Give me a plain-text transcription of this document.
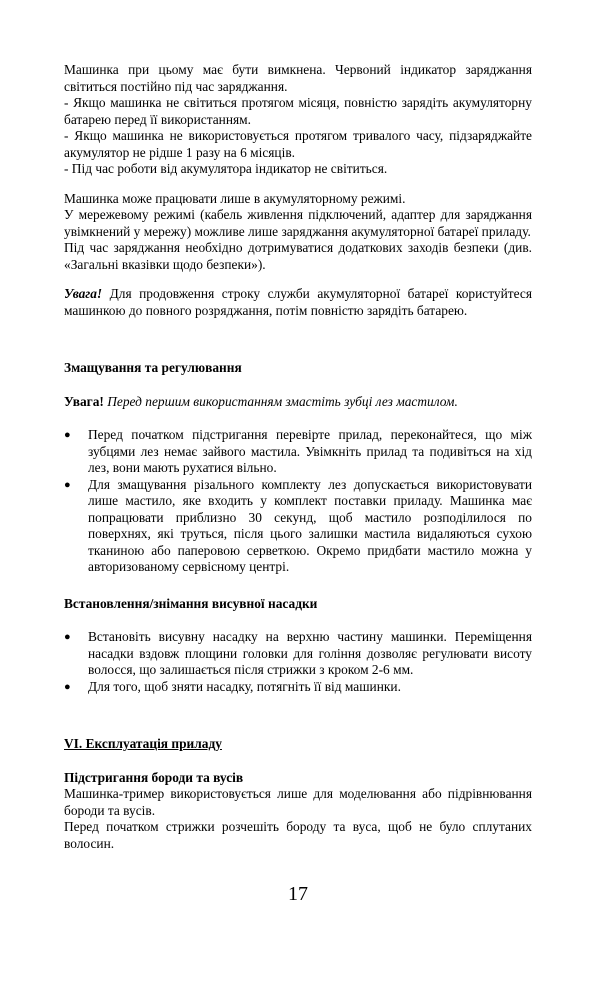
Машинка при цьому має бути вимкнена. Червоний індикатор заряджання світиться постійно під час заряджання.

- Якщо машинка не світиться протягом місяця, повністю зарядіть акумуляторну батарею перед її використанням.

- Якщо машинка не використовується протягом тривалого часу, підзаряджайте акумулятор не рідше 1 разу на 6 місяців.

- Під час роботи від акумулятора індикатор не світиться.

Машинка може працювати лише в акумуляторному режимі.

У мережевому режимі (кабель живлення підключений, адаптер для заряджання увімкнений у мережу) можливе лише заряджання акумуляторної батареї приладу.

Під час заряджання необхідно дотримуватися додаткових заходів безпеки (див. «Загальні вказівки щодо безпеки»).

Увага! Для продовження строку служби акумуляторної батареї користуйтеся машинкою до повного розряджання, потім повністю зарядіть батарею.

Змащування та регулювання

Увага! Перед першим використанням змастіть зубці лез мастилом.

● Перед початком підстригання перевірте прилад, переконайтеся, що між зубцями лез немає зайвого мастила. Увімкніть прилад та подивіться на хід лез, вони мають рухатися вільно.
● Для змащування різального комплекту лез допускається використовувати лише мастило, яке входить у комплект поставки приладу. Машинка має попрацювати приблизно 30 секунд, щоб мастило розподілилося по поверхнях, які труться, після цього залишки мастила видаляються сухою тканиною або паперовою серветкою. Окремо придбати мастило можна у авторизованому сервісному центрі.

Встановлення/знімання висувної насадки

● Встановіть висувну насадку на верхню частину машинки. Переміщення насадки вздовж площини головки для гоління дозволяє регулювати висоту волосся, що залишається після стрижки з кроком 2-6 мм.
● Для того, щоб зняти насадку, потягніть її від машинки.

VI. Експлуатація приладу

Підстригання бороди та вусів

Машинка-тример використовується лише для моделювання або підрівнювання бороди та вусів.

Перед початком стрижки розчешіть бороду та вуса, щоб не було сплутаних волосин.

17
